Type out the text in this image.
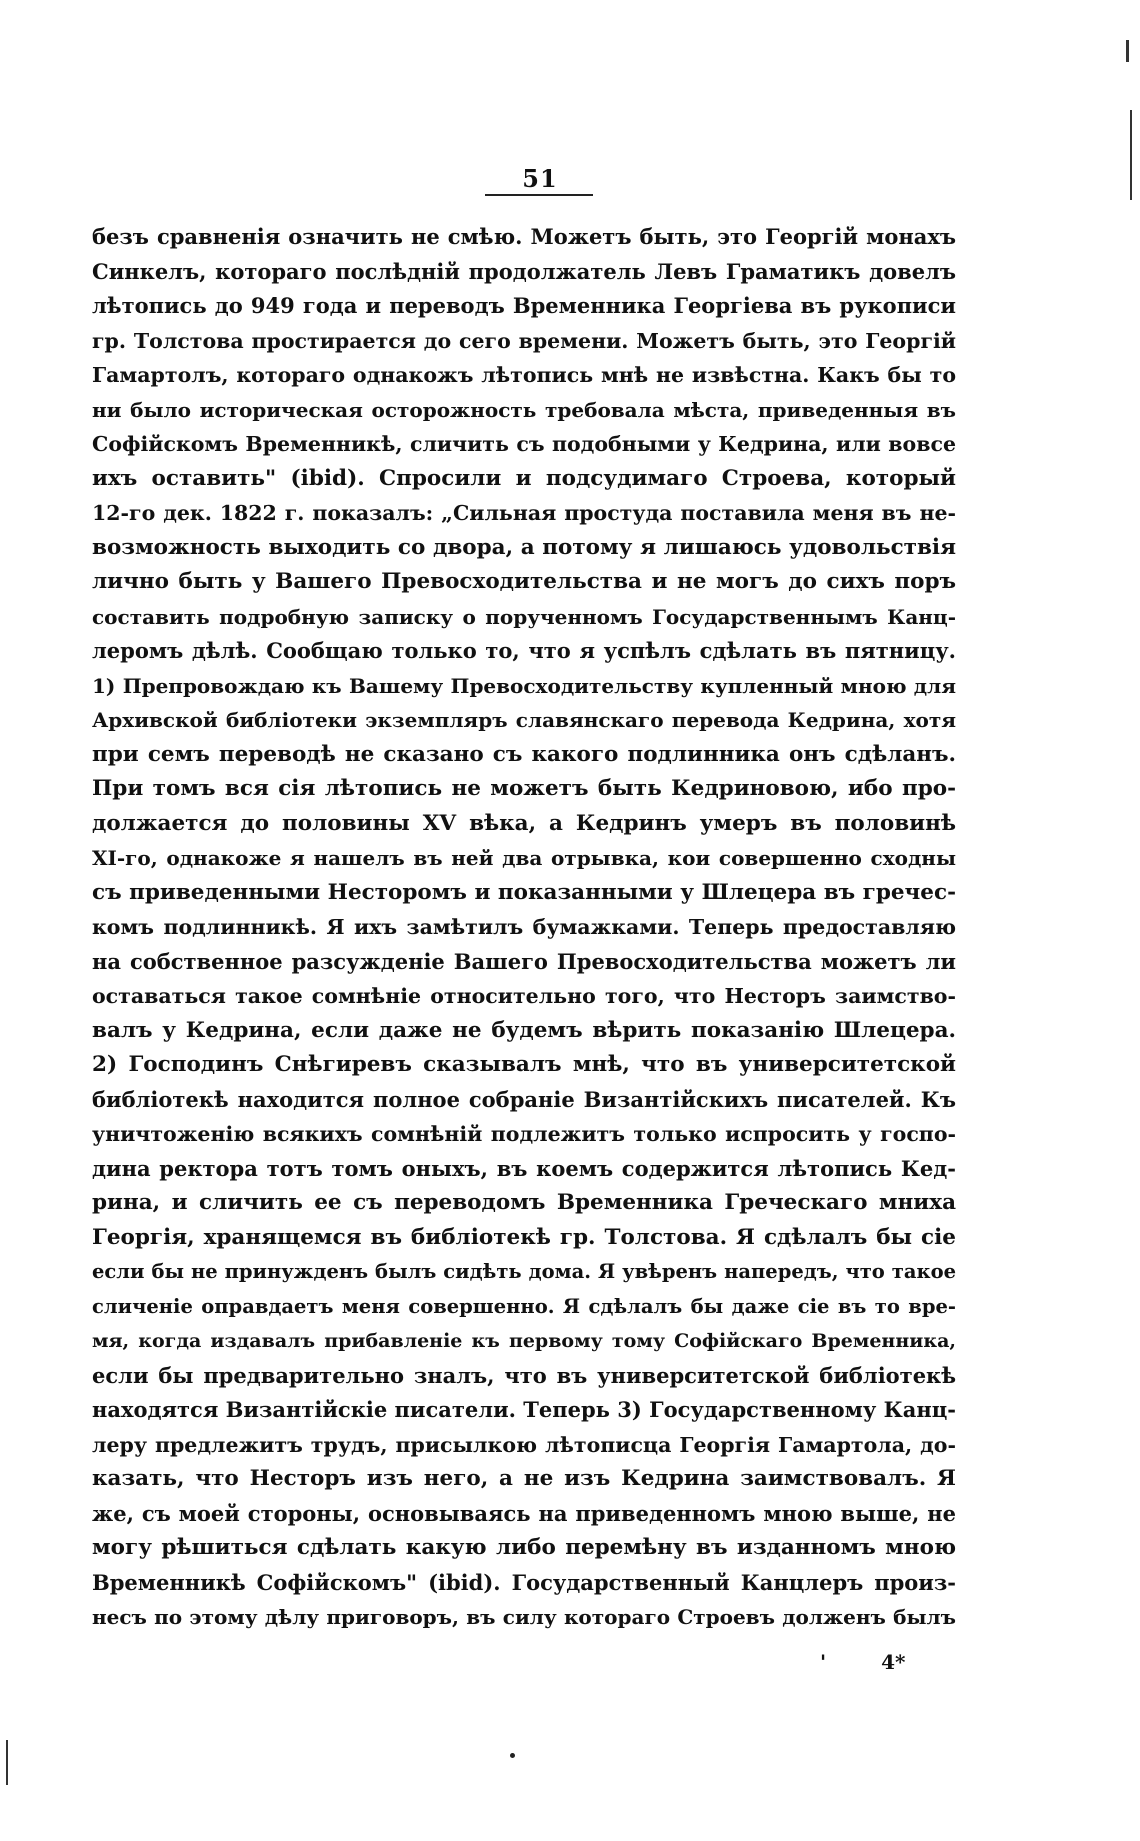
51
безъ сравненія означить не смѣю. Можетъ быть, это Георгій монахъ
Синкелъ, котораго послѣдній продолжатель Левъ Граматикъ довелъ
лѣтопись до 949 года и переводъ Временника Георгіева въ рукописи
гр. Толстова простирается до сего времени. Можетъ быть, это Георгій
Гамартолъ, котораго однакожъ лѣтопись мнѣ не извѣстна. Какъ бы то
ни было историческая осторожность требовала мѣста, приведенныя въ
Софійскомъ Временникѣ, сличить съ подобными у Кедрина, или вовсе
ихъ оставить" (ibid). Спросили и подсудимаго Строева, который
12-го дек. 1822 г. показалъ: „Сильная простуда поставила меня въ не-
возможность выходить со двора, а потому я лишаюсь удовольствія
лично быть у Вашего Превосходительства и не могъ до сихъ поръ
составить подробную записку о порученномъ Государственнымъ Канц-
леромъ дѣлѣ. Сообщаю только то, что я успѣлъ сдѣлать въ пятницу.
1) Препровождаю къ Вашему Превосходительству купленный мною для
Архивской библіотеки экземпляръ славянскаго перевода Кедрина, хотя
при семъ переводѣ не сказано съ какого подлинника онъ сдѣланъ.
При томъ вся сія лѣтопись не можетъ быть Кедриновою, ибо про-
должается до половины XV вѣка, а Кедринъ умеръ въ половинѣ
XI-го, однакоже я нашелъ въ ней два отрывка, кои совершенно сходны
съ приведенными Несторомъ и показанными у Шлецера въ гречес-
комъ подлинникѣ. Я ихъ замѣтилъ бумажками. Теперь предоставляю
на собственное разсужденіе Вашего Превосходительства можетъ ли
оставаться такое сомнѣніе относительно того, что Несторъ заимство-
валъ у Кедрина, если даже не будемъ вѣрить показанію Шлецера.
2) Господинъ Снѣгиревъ сказывалъ мнѣ, что въ университетской
библіотекѣ находится полное собраніе Византійскихъ писателей. Къ
уничтоженію всякихъ сомнѣній подлежитъ только испросить у госпо-
дина ректора тотъ томъ оныхъ, въ коемъ содержится лѣтопись Кед-
рина, и сличить ее съ переводомъ Временника Греческаго мниха
Георгія, хранящемся въ библіотекѣ гр. Толстова. Я сдѣлалъ бы сіе
если бы не принужденъ былъ сидѣть дома. Я увѣренъ напередъ, что такое
сличеніе оправдаетъ меня совершенно. Я сдѣлалъ бы даже сіе въ то вре-
мя, когда издавалъ прибавленіе къ первому тому Софійскаго Временника,
если бы предварительно зналъ, что въ университетской библіотекѣ
находятся Византійскіе писатели. Теперь 3) Государственному Канц-
леру предлежитъ трудъ, присылкою лѣтописца Георгія Гамартола, до-
казать, что Несторъ изъ него, а не изъ Кедрина заимствовалъ. Я
же, съ моей стороны, основываясь на приведенномъ мною выше, не
могу рѣшиться сдѣлать какую либо перемѣну въ изданномъ мною
Временникѣ Софійскомъ" (ibid). Государственный Канцлеръ произ-
несъ по этому дѣлу приговоръ, въ силу котораго Строевъ долженъ былъ
'	4*
